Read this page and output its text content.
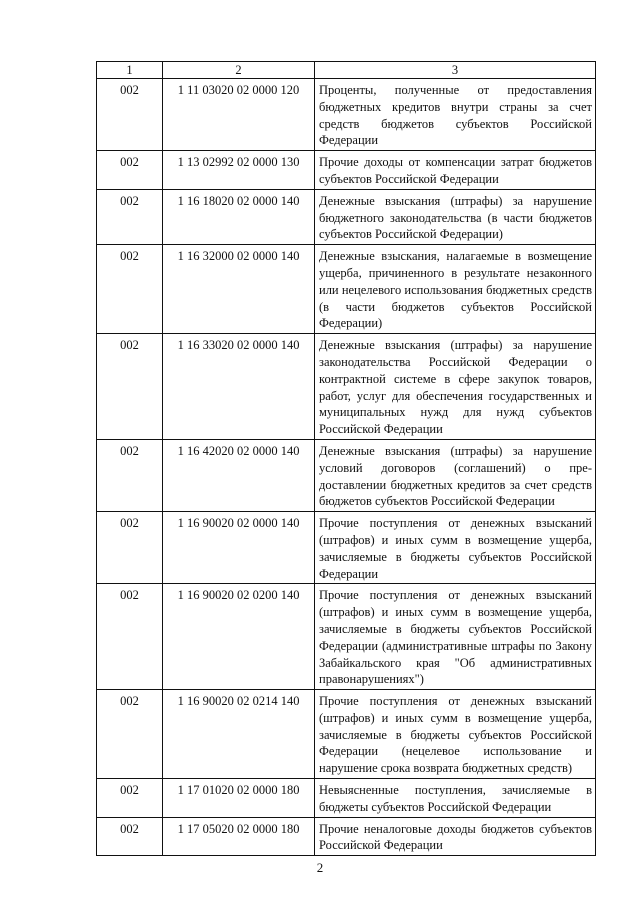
1	2	3
002	1 11 03020 02 0000 120	Проценты, полученные от предоставления бюджетных кредитов внутри страны за счет средств бюджетов субъектов Российской Федерации
002	1 13 02992 02 0000 130	Прочие доходы от компенсации затрат бюджетов субъектов Российской Федерации
002	1 16 18020 02 0000 140	Денежные взыскания (штрафы) за нарушение бюджетного законодательства (в части бюджетов субъектов Российской Федерации)
002	1 16 32000 02 0000 140	Денежные взыскания, налагаемые в возмещение ущерба, причиненного в результате незаконного или нецелевого использования бюджетных средств (в части бюджетов субъектов Российской Федерации)
002	1 16 33020 02 0000 140	Денежные взыскания (штрафы) за нарушение законодательства Российской Федерации о контрактной системе в сфере закупок товаров, работ, услуг для обеспечения государственных и муниципальных нужд для нужд субъектов Российской Федерации
002	1 16 42020 02 0000 140	Денежные взыскания (штрафы) за нарушение условий договоров (соглашений) о предоставлении бюджетных кредитов за счет средств бюджетов субъектов Российской Федерации
002	1 16 90020 02 0000 140	Прочие поступления от денежных взысканий (штрафов) и иных сумм в возмещение ущерба, зачисляемые в бюджеты субъектов Российской Федерации
002	1 16 90020 02 0200 140	Прочие поступления от денежных взысканий (штрафов) и иных сумм в возмещение ущерба, зачисляемые в бюджеты субъектов Российской Федерации (административные штрафы по Закону Забайкальского края "Об административных правонарушениях")
002	1 16 90020 02 0214 140	Прочие поступления от денежных взысканий (штрафов) и иных сумм в возмещение ущерба, зачисляемые в бюджеты субъектов Российской Федерации (нецелевое использование и нарушение срока возврата бюджетных средств)
002	1 17 01020 02 0000 180	Невыясненные поступления, зачисляемые в бюджеты субъектов Российской Федерации
002	1 17 05020 02 0000 180	Прочие неналоговые доходы бюджетов субъектов Российской Федерации
2
